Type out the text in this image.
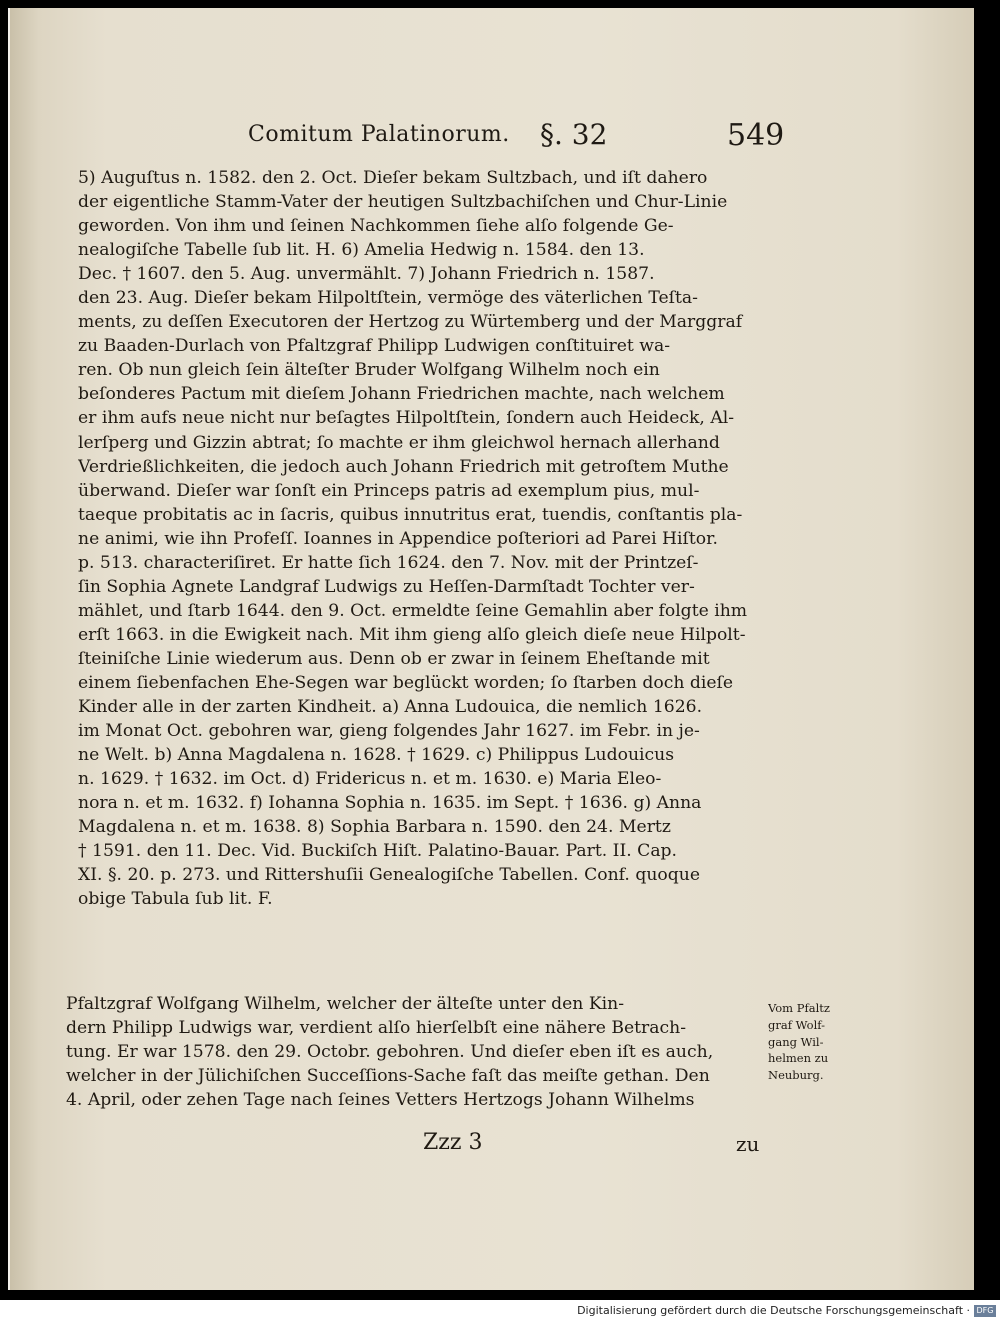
Comitum Palatinorum. §. 32	549
5) Auguſtus n. 1582. den 2. Oct. Dieſer bekam Sultzbach, und iſt dahero
der eigentliche Stamm-Vater der heutigen Sultzbachiſchen und Chur-Linie
geworden. Von ihm und ſeinen Nachkommen ſiehe alſo folgende Ge-
nealogiſche Tabelle ſub lit. H. 6) Amelia Hedwig n. 1584. den 13.
Dec. † 1607. den 5. Aug. unvermählt. 7) Johann Friedrich n. 1587.
den 23. Aug. Dieſer bekam Hilpoltſtein, vermöge des väterlichen Teſta-
ments, zu deſſen Executoren der Hertzog zu Würtemberg und der Marggraf
zu Baaden-Durlach von Pfaltzgraf Philipp Ludwigen conſtituiret wa-
ren. Ob nun gleich ſein älteſter Bruder Wolfgang Wilhelm noch ein
beſonderes Pactum mit dieſem Johann Friedrichen machte, nach welchem
er ihm aufs neue nicht nur beſagtes Hilpoltſtein, ſondern auch Heideck, Al-
lerſperg und Gizzin abtrat; ſo machte er ihm gleichwol hernach allerhand
Verdrießlichkeiten, die jedoch auch Johann Friedrich mit getroſtem Muthe
überwand. Dieſer war ſonſt ein Princeps patris ad exemplum pius, mul-
taeque probitatis ac in ſacris, quibus innutritus erat, tuendis, conſtantis pla-
ne animi, wie ihn Profeſſ. Ioannes in Appendice poſteriori ad Parei Hiſtor.
p. 513. characteriſiret. Er hatte ſich 1624. den 7. Nov. mit der Printzeſ-
ſin Sophia Agnete Landgraf Ludwigs zu Heſſen-Darmſtadt Tochter ver-
mählet, und ſtarb 1644. den 9. Oct. ermeldte ſeine Gemahlin aber folgte ihm
erſt 1663. in die Ewigkeit nach. Mit ihm gieng alſo gleich dieſe neue Hilpolt-
ſteiniſche Linie wiederum aus. Denn ob er zwar in ſeinem Eheſtande mit
einem ſiebenfachen Ehe-Segen war beglückt worden; ſo ſtarben doch dieſe
Kinder alle in der zarten Kindheit. a) Anna Ludouica, die nemlich 1626.
im Monat Oct. gebohren war, gieng folgendes Jahr 1627. im Febr. in je-
ne Welt. b) Anna Magdalena n. 1628. † 1629. c) Philippus Ludouicus
n. 1629. † 1632. im Oct. d) Fridericus n. et m. 1630. e) Maria Eleo-
nora n. et m. 1632. f) Iohanna Sophia n. 1635. im Sept. † 1636. g) Anna
Magdalena n. et m. 1638. 8) Sophia Barbara n. 1590. den 24. Mertz
† 1591. den 11. Dec. Vid. Buckiſch Hiſt. Palatino-Bauar. Part. II. Cap.
XI. §. 20. p. 273. und Rittershuſii Genealogiſche Tabellen. Conf. quoque
obige Tabula ſub lit. F.
Pfaltzgraf Wolfgang Wilhelm, welcher der älteſte unter den Kin-
dern Philipp Ludwigs war, verdient alſo hierſelbſt eine nähere Betrach-
tung. Er war 1578. den 29. Octobr. gebohren. Und dieſer eben iſt es auch,
welcher in der Jülichiſchen Succeſſions-Sache faſt das meiſte gethan. Den
4. April, oder zehen Tage nach ſeines Vetters Hertzogs Johann Wilhelms
Vom Pfaltz
graf Wolf-
gang Wil-
helmen zu
Neuburg.
Zzz 3	zu
Digitalisierung gefördert durch die Deutsche Forschungsgemeinschaft · DFG
